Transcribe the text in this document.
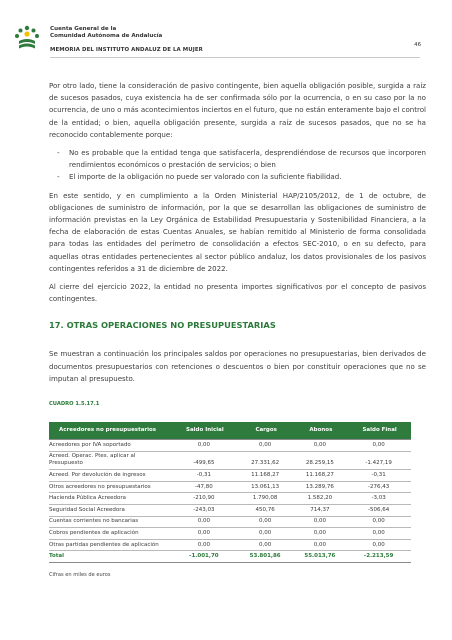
Cuenta General de la
Comunidad Autónoma de Andalucía
MEMORIA DEL INSTITUTO ANDALUZ DE LA MUJER
46

Por otro lado, tiene la consideración de pasivo contingente, bien aquella obligación posible, surgida a raíz de sucesos pasados, cuya existencia ha de ser confirmada sólo por la ocurrencia, o en su caso por la no ocurrencia, de uno o más acontecimientos inciertos en el futuro, que no están enteramente bajo el control de la entidad; o bien, aquella obligación presente, surgida a raíz de sucesos pasados, que no se ha reconocido contablemente porque:

- No es probable que la entidad tenga que satisfacerla, desprendiéndose de recursos que incorporen rendimientos económicos o prestación de servicios; o bien
- El importe de la obligación no puede ser valorado con la suficiente fiabilidad.

En este sentido, y en cumplimiento a la Orden Ministerial HAP/2105/2012, de 1 de octubre, de obligaciones de suministro de información, por la que se desarrollan las obligaciones de suministro de información previstas en la Ley Orgánica de Estabilidad Presupuestaria y Sostenibilidad Financiera, a la fecha de elaboración de estas Cuentas Anuales, se habían remitido al Ministerio de forma consolidada para todas las entidades del perímetro de consolidación a efectos SEC-2010, o en su defecto, para aquellas otras entidades pertenecientes al sector público andaluz, los datos provisionales de los pasivos contingentes referidos a 31 de diciembre de 2022.

Al cierre del ejercicio 2022, la entidad no presenta importes significativos por el concepto de pasivos contingentes.

17. OTRAS OPERACIONES NO PRESUPUESTARIAS

Se muestran a continuación los principales saldos por operaciones no presupuestarias, bien derivados de documentos presupuestarios con retenciones o descuentos o bien por constituir operaciones que no se imputan al presupuesto.

CUADRO 1.5.17.1
Acreedores no presupuestarios	Saldo Inicial	Cargos	Abonos	Saldo Final
Acreedores por IVA soportado	0,00	0,00	0,00	0,00
Acreed. Operac. Ptes. aplicar al Presupuesto	-499,65	27.331,62	28.259,15	-1.427,19
Acreed. Por devolución de ingresos	-0,31	11.168,27	11.168,27	-0,31
Otros acreedores no presupuestarios	-47,80	13.061,13	13.289,76	-276,43
Hacienda Pública Acreedora	-210,90	1.790,08	1.582,20	-3,03
Seguridad Social Acreedora	-243,03	450,76	714,37	-506,64
Cuentas corrientes no bancarias	0,00	0,00	0,00	0,00
Cobros pendientes de aplicación	0,00	0,00	0,00	0,00
Otras partidas pendientes de aplicación	0,00	0,00	0,00	0,00
Total	-1.001,70	53.801,86	55.013,76	-2.213,59
Cifras en miles de euros
